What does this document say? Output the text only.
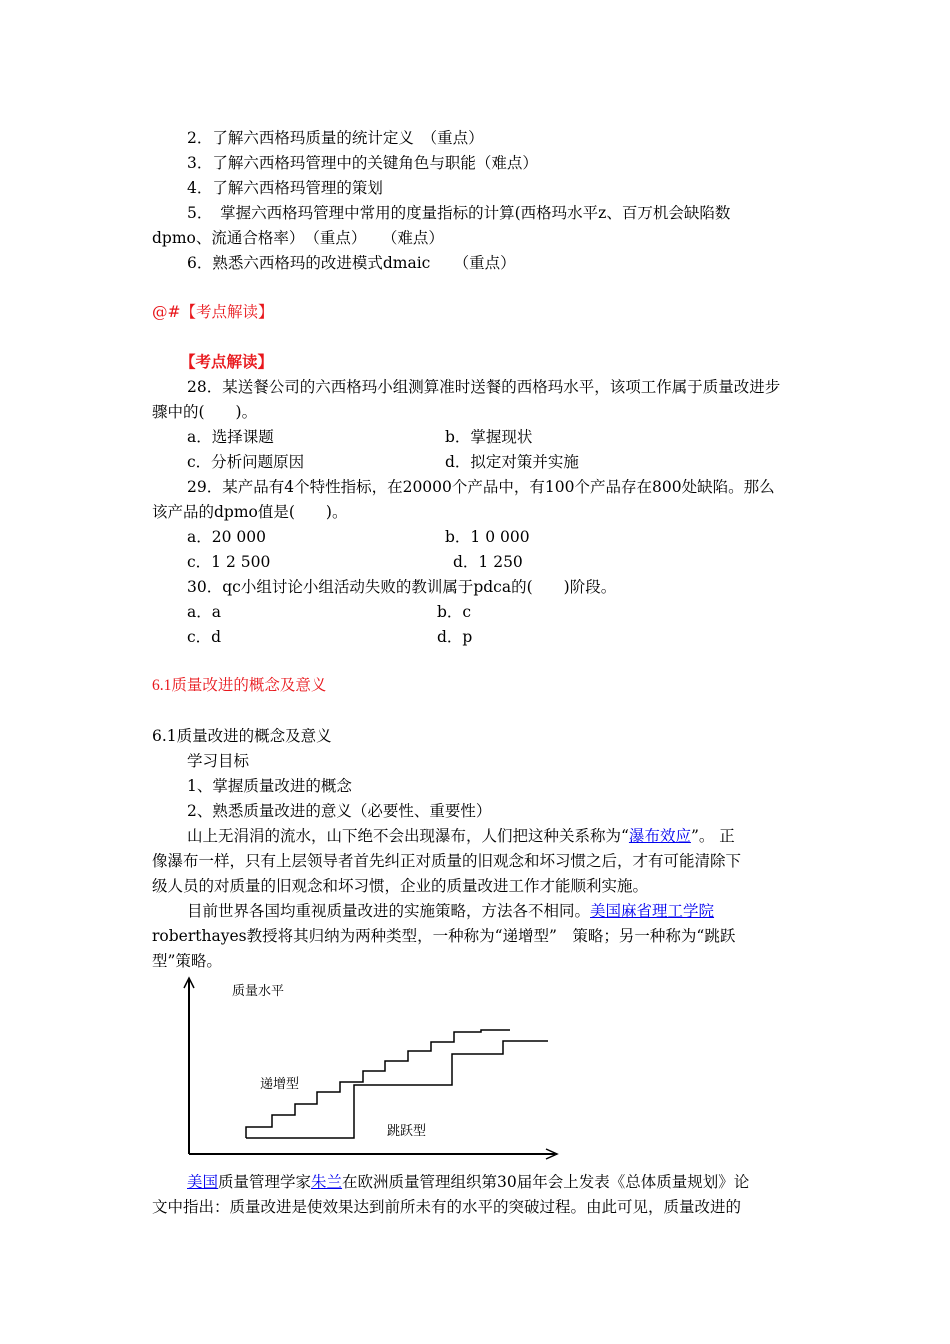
2．了解六西格玛质量的统计定义　（重点）
3．了解六西格玛管理中的关键角色与职能（难点）
4．了解六西格玛管理的策划
5．　掌握六西格玛管理中常用的度量指标的计算(西格玛水平z、百万机会缺陷数
dpmo、流通合格率）　（重点）　　（难点）
6．熟悉六西格玛的改进模式dmaic　　（重点）
@#【考点解读】
【考点解读】
28．某送餐公司的六西格玛小组测算准时送餐的西格玛水平，该项工作属于质量改进步
骤中的(　　)。
a．选择课题	b．掌握现状
c．分析问题原因	d．拟定对策并实施
29．某产品有4个特性指标，在20000个产品中，有100个产品存在800处缺陷。那么
该产品的dpmo值是(　　)。
a．20 000	b．1 0 000
c．1 2 500	d．1 250
30．qc小组讨论小组活动失败的教训属于pdca的(　　)阶段。
a．a	b．c
c．d	d．p
6.1质量改进的概念及意义
6.1质量改进的概念及意义
学习目标
1、掌握质量改进的概念
2、熟悉质量改进的意义（必要性、重要性）
山上无涓涓的流水，山下绝不会出现瀑布，人们把这种关系称为“瀑布效应”。 正
像瀑布一样，只有上层领导者首先纠正对质量的旧观念和坏习惯之后，才有可能清除下
级人员的对质量的旧观念和坏习惯，企业的质量改进工作才能顺利实施。
目前世界各国均重视质量改进的实施策略，方法各不相同。美国麻省理工学院
roberthayes教授将其归纳为两种类型，一种称为“递增型”　策略；另一种称为“跳跃
型”策略。
质量水平
递增型
跳跃型
美国质量管理学家朱兰在欧洲质量管理组织第30届年会上发表《总体质量规划》论
文中指出：质量改进是使效果达到前所未有的水平的突破过程。由此可见，质量改进的
